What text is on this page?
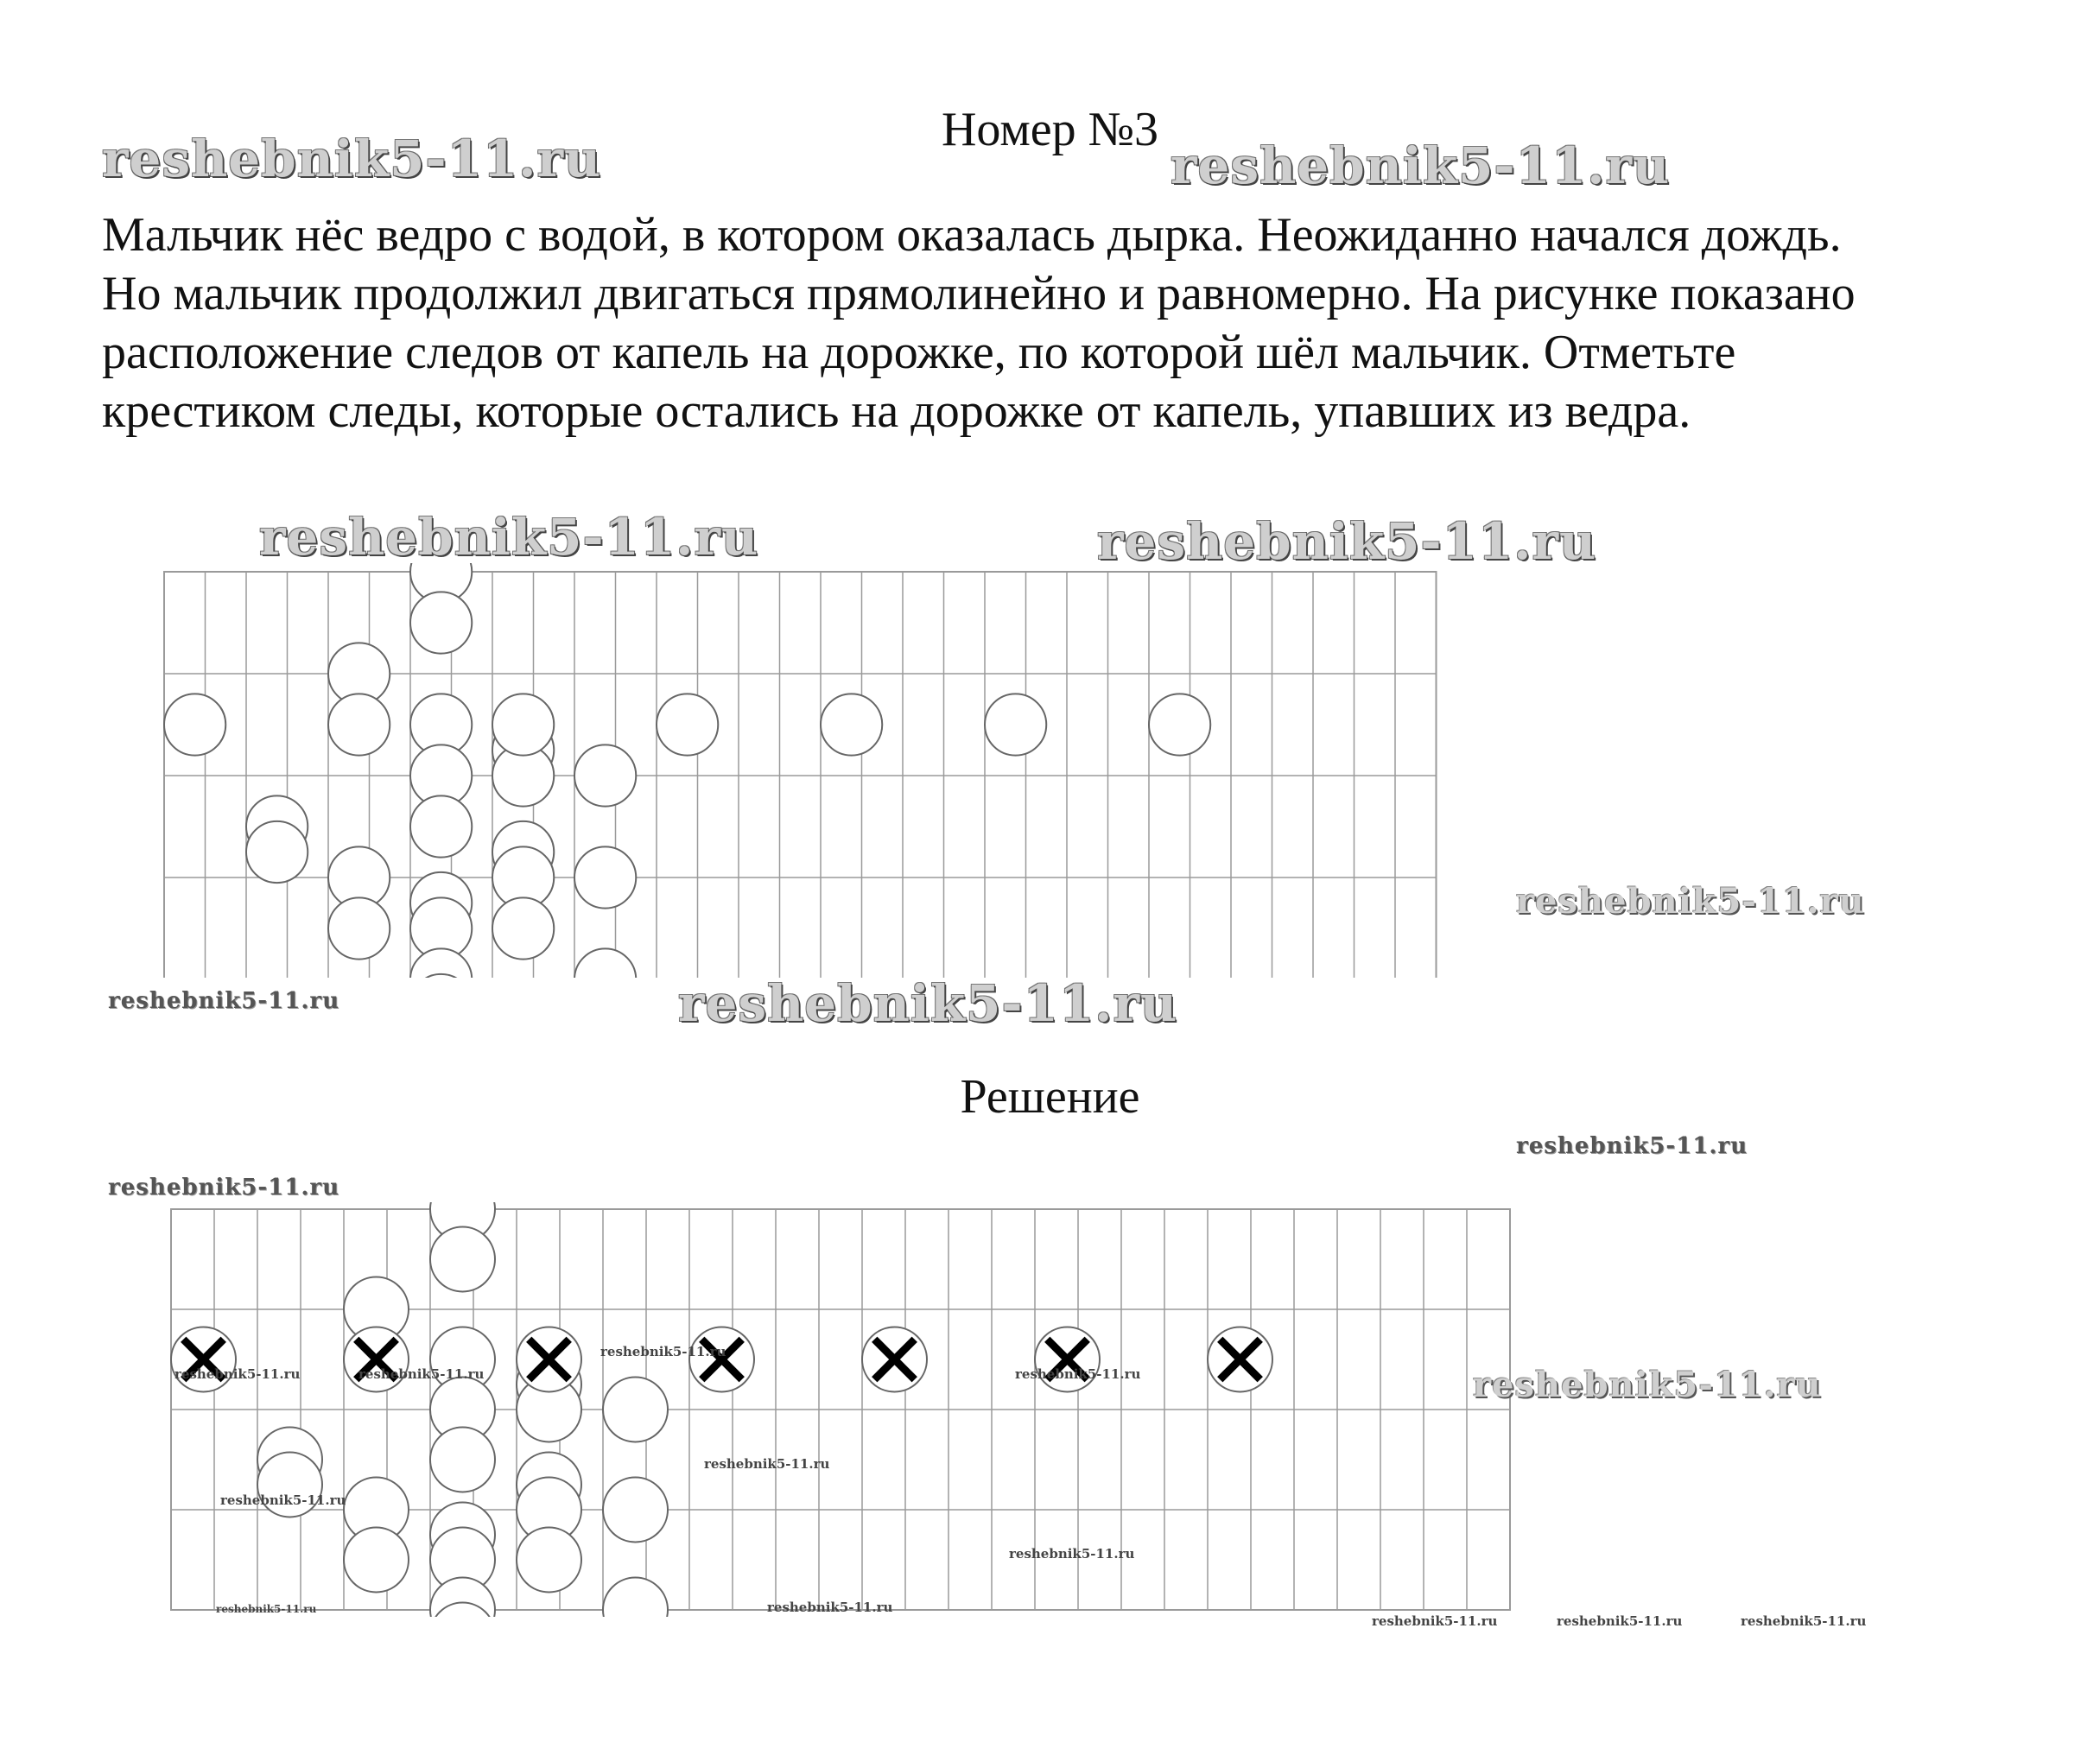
Номер №3
Мальчик нёс ведро с водой, в котором оказалась дырка. Неожиданно начался дождь.
Но мальчик продолжил двигаться прямолинейно и равномерно. На рисунке показано
расположение следов от капель на дорожке, по которой шёл мальчик. Отметьте
крестиком следы, которые остались на дорожке от капель, упавших из ведра.
Решение
reshebnik5-11.ru	reshebnik5-11.ru
reshebnik5-11.ru	reshebnik5-11.ru
reshebnik5-11.ru
reshebnik5-11.ru	reshebnik5-11.ru
reshebnik5-11.ru
reshebnik5-11.ru
reshebnik5-11.ru
reshebnik5-11.ru	reshebnik5-11.ru
reshebnik5-11.ru
reshebnik5-11.ru
reshebnik5-11.ru
reshebnik5-11.ru
reshebnik5-11.ru
reshebnik5-11.ru
reshebnik5-11.ru
reshebnik5-11.ru	reshebnik5-11.ru	reshebnik5-11.ru
